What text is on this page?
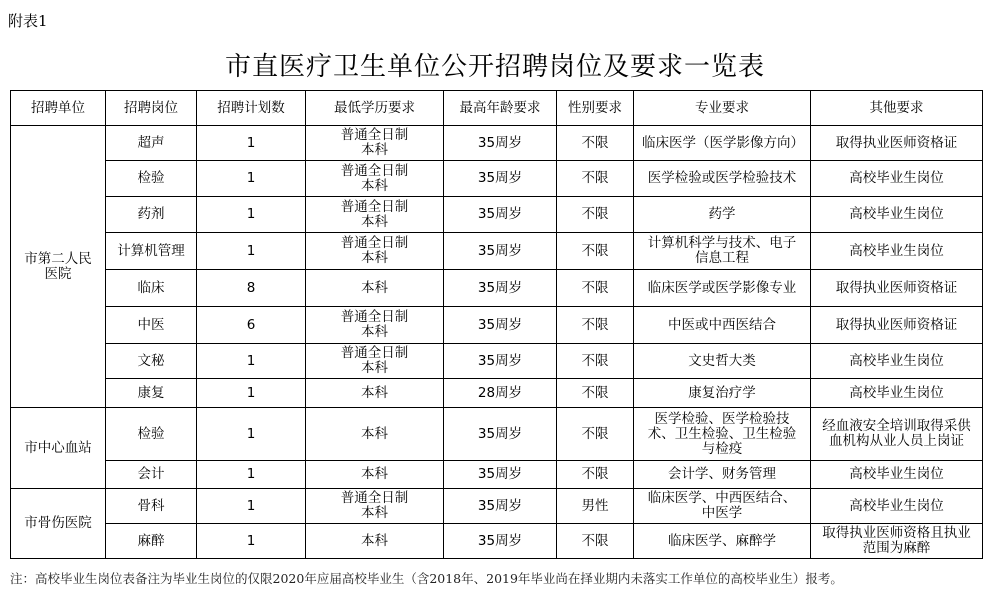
附表1
市直医疗卫生单位公开招聘岗位及要求一览表
招聘单位	招聘岗位	招聘计划数	最低学历要求	最高年龄要求	性别要求	专业要求	其他要求
市第二人民医院	超声	1	普通全日制本科	35周岁	不限	临床医学（医学影像方向）	取得执业医师资格证
	检验	1	普通全日制本科	35周岁	不限	医学检验或医学检验技术	高校毕业生岗位
	药剂	1	普通全日制本科	35周岁	不限	药学	高校毕业生岗位
	计算机管理	1	普通全日制本科	35周岁	不限	计算机科学与技术、电子信息工程	高校毕业生岗位
	临床	8	本科	35周岁	不限	临床医学或医学影像专业	取得执业医师资格证
	中医	6	普通全日制本科	35周岁	不限	中医或中西医结合	取得执业医师资格证
	文秘	1	普通全日制本科	35周岁	不限	文史哲大类	高校毕业生岗位
	康复	1	本科	28周岁	不限	康复治疗学	高校毕业生岗位
市中心血站	检验	1	本科	35周岁	不限	医学检验、医学检验技术、卫生检验、卫生检验与检疫	经血液安全培训取得采供血机构从业人员上岗证
	会计	1	本科	35周岁	不限	会计学、财务管理	高校毕业生岗位
市骨伤医院	骨科	1	普通全日制本科	35周岁	男性	临床医学、中西医结合、中医学	高校毕业生岗位
	麻醉	1	本科	35周岁	不限	临床医学、麻醉学	取得执业医师资格且执业范围为麻醉
注：高校毕业生岗位表备注为毕业生岗位的仅限2020年应届高校毕业生（含2018年、2019年毕业尚在择业期内未落实工作单位的高校毕业生）报考。
